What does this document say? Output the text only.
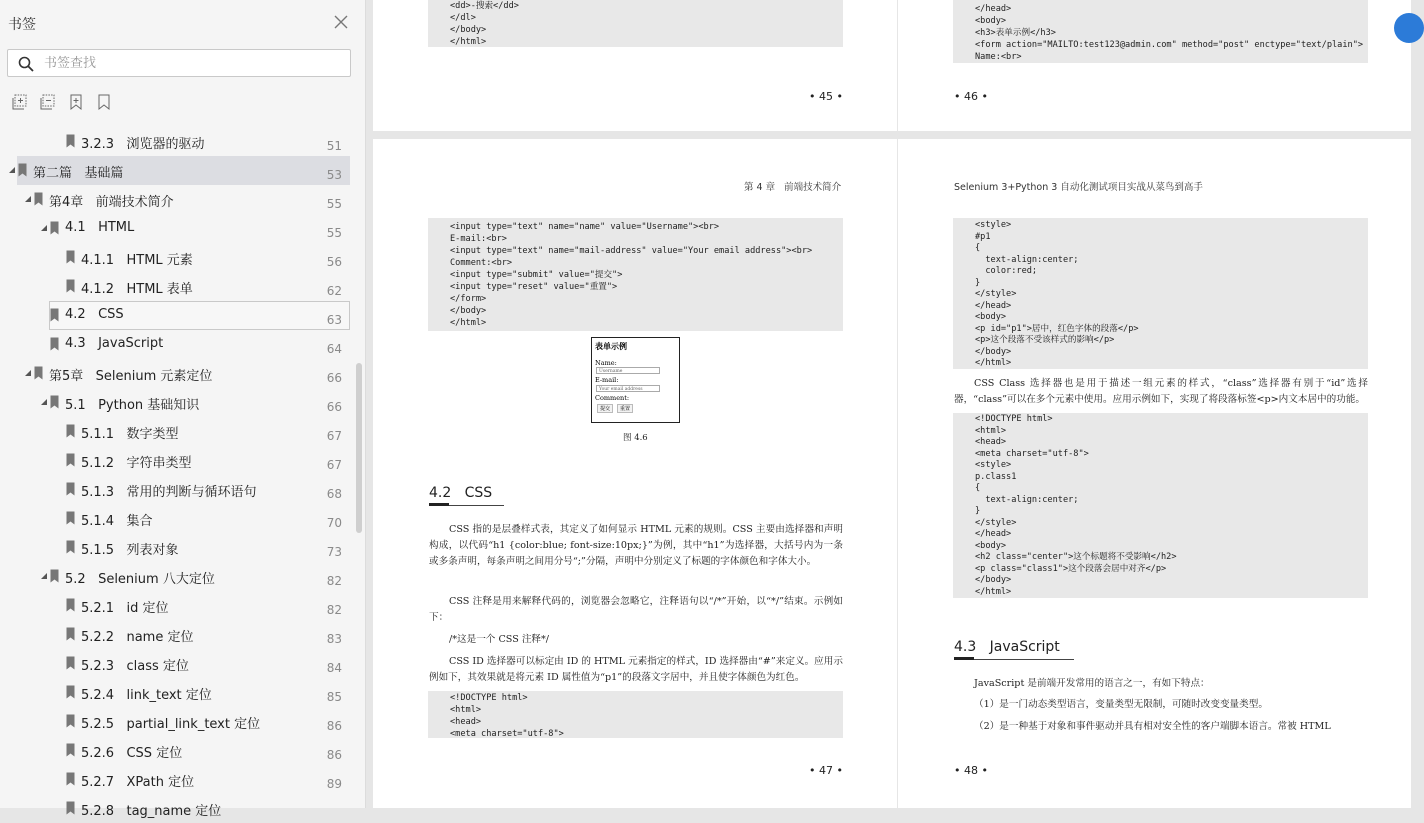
书签
书签查找
3.2.3   浏览器的驱动	51
第二篇   基础篇	53
第4章   前端技术简介	55
4.1   HTML	55
4.1.1   HTML 元素	56
4.1.2   HTML 表单	62
4.2   CSS	63
4.3   JavaScript	64
第5章   Selenium 元素定位	66
5.1   Python 基础知识	66
5.1.1   数字类型	67
5.1.2   字符串类型	67
5.1.3   常用的判断与循环语句	68
5.1.4   集合	70
5.1.5   列表对象	73
5.2   Selenium 八大定位	82
5.2.1   id 定位	82
5.2.2   name 定位	83
5.2.3   class 定位	84
5.2.4   link_text 定位	85
5.2.5   partial_link_text 定位	86
5.2.6   CSS 定位	86
5.2.7   XPath 定位	89
5.2.8   tag_name 定位
<dd>-搜索</dd>
</dl>
</body>
</html>
• 45 •
</head>
<body>
<h3>表单示例</h3>
<form action="MAILTO:test123@admin.com" method="post" enctype="text/plain">
Name:<br>
• 46 •
第 4 章   前端技术简介
<input type="text" name="name" value="Username"><br>
E-mail:<br>
<input type="text" name="mail-address" value="Your email address"><br>
Comment:<br>
<input type="submit" value="提交">
<input type="reset" value="重置">
</form>
</body>
</html>
表单示例
Name:
Username
E-mail:
Your email address
Comment:
提交	重置
图 4.6
4.2   CSS
CSS 指的是层叠样式表，其定义了如何显示 HTML 元素的规则。CSS 主要由选择器和声明构成，以代码“h1 {color:blue; font-size:10px;}”为例，其中“h1”为选择器，大括号内为一条或多条声明，每条声明之间用分号“;”分隔，声明中分别定义了标题的字体颜色和字体大小。
CSS 注释是用来解释代码的，浏览器会忽略它，注释语句以“/*”开始，以“*/”结束。示例如下：
/*这是一个 CSS 注释*/
CSS ID 选择器可以标定由 ID 的 HTML 元素指定的样式，ID 选择器由“#”来定义。应用示例如下，其效果就是将元素 ID 属性值为“p1”的段落文字居中，并且使字体颜色为红色。
<!DOCTYPE html>
<html>
<head>
<meta charset="utf-8">
• 47 •
Selenium 3+Python 3 自动化测试项目实战从菜鸟到高手
<style>
#p1
{
text-align:center;
color:red;
}
</style>
</head>
<body>
<p id="p1">居中，红色字体的段落</p>
<p>这个段落不受该样式的影响</p>
</body>
</html>
CSS Class 选择器也是用于描述一组元素的样式，“class”选择器有别于“id”选择器，“class”可以在多个元素中使用。应用示例如下，实现了将段落标签<p>内文本居中的功能。
<!DOCTYPE html>
<html>
<head>
<meta charset="utf-8">
<style>
p.class1
{
text-align:center;
}
</style>
</head>
<body>
<h2 class="center">这个标题将不受影响</h2>
<p class="class1">这个段落会居中对齐</p>
</body>
</html>
4.3   JavaScript
JavaScript 是前端开发常用的语言之一，有如下特点：
（1）是一门动态类型语言，变量类型无限制，可随时改变变量类型。
（2）是一种基于对象和事件驱动并具有相对安全性的客户端脚本语言。常被 HTML
• 48 •
